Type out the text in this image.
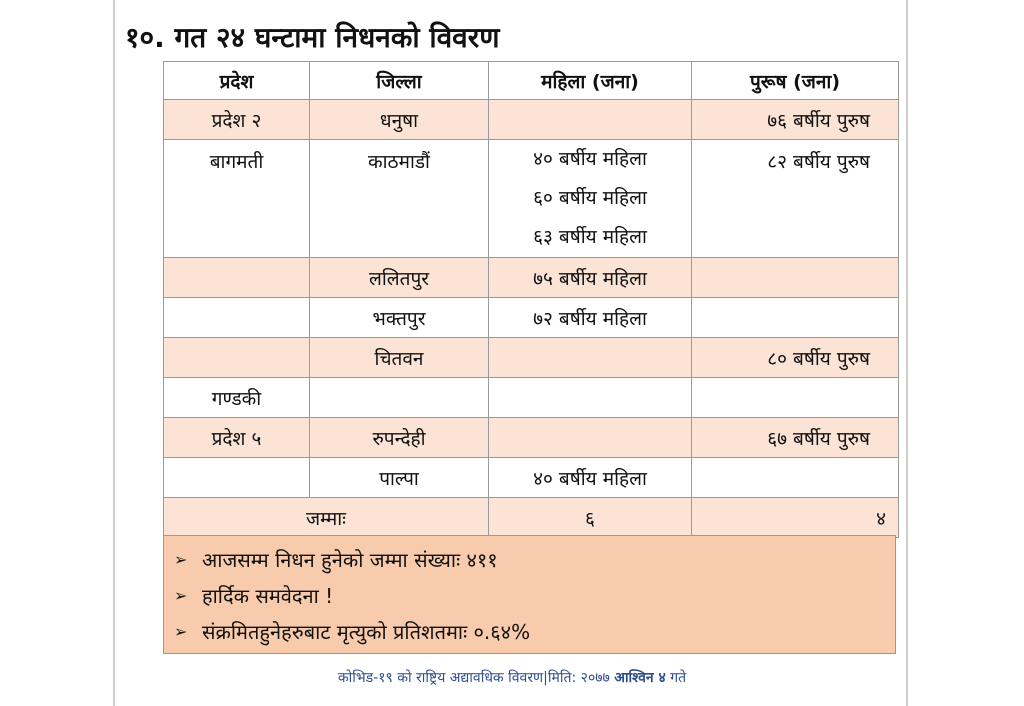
१०. गत २४ घन्टामा निधनको विवरण
प्रदेश	जिल्ला	महिला (जना)	पुरूष (जना)
प्रदेश २	धनुषा		७६ बर्षीय पुरुष
बागमती	काठमाडौं	४० बर्षीय महिला
६० बर्षीय महिला
६३ बर्षीय महिला	८२ बर्षीय पुरुष
	ललितपुर	७५ बर्षीय महिला	
	भक्तपुर	७२ बर्षीय महिला	
	चितवन		८० बर्षीय पुरुष
गण्डकी			
प्रदेश ५	रुपन्देही		६७ बर्षीय पुरुष
	पाल्पा	४० बर्षीय महिला	
जम्माः		६	४
➢ आजसम्म निधन हुनेको जम्मा संख्याः ४११
➢ हार्दिक समवेदना !
➢ संक्रमितहुनेहरुबाट मृत्युको प्रतिशतमाः ०.६४%
कोभिड-१९ को राष्ट्रिय अद्यावधिक विवरण|मिति: २०७७ आश्विन ४ गते
